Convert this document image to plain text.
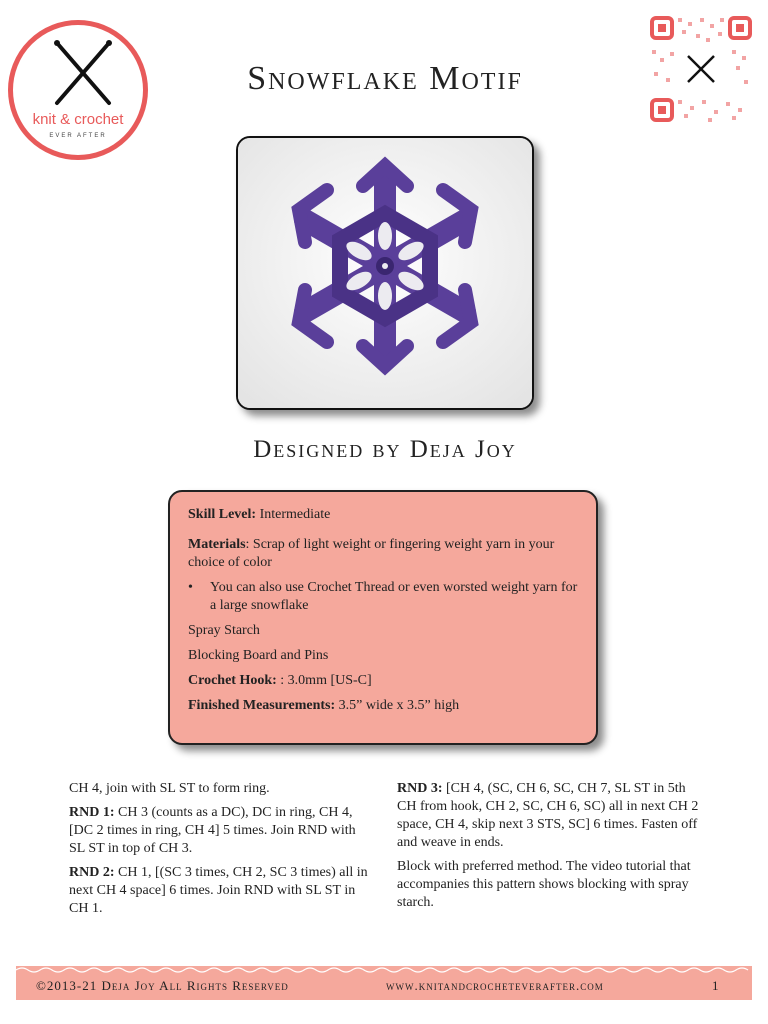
knit & crochet
EVER AFTER
Snowflake Motif
Designed by Deja Joy

Skill Level: Intermediate

Materials: Scrap of light weight or fingering weight yarn in your choice of color

•	You can also use Crochet Thread or even worsted weight yarn for a large snowflake

Spray Starch

Blocking Board and Pins

Crochet Hook: : 3.0mm [US-C]

Finished Measurements: 3.5” wide x 3.5” high

CH 4, join with SL ST to form ring.

RND 1: CH 3 (counts as a DC), DC in ring, CH 4, [DC 2 times in ring, CH 4] 5 times. Join RND with SL ST in top of CH 3.

RND 2: CH 1, [(SC 3 times, CH 2, SC 3 times) all in next CH 4 space] 6 times. Join RND with SL ST in CH 1.

RND 3: [CH 4, (SC, CH 6, SC, CH 7, SL ST in 5th CH from hook, CH 2, SC, CH 6, SC) all in next CH 2 space, CH 4, skip next 3 STS, SC] 6 times. Fasten off and weave in ends.

Block with preferred method. The video tutorial that accompanies this pattern shows blocking with spray starch.

©2013-21 Deja Joy All Rights Reserved	www.knitandcrocheteverafter.com	1
